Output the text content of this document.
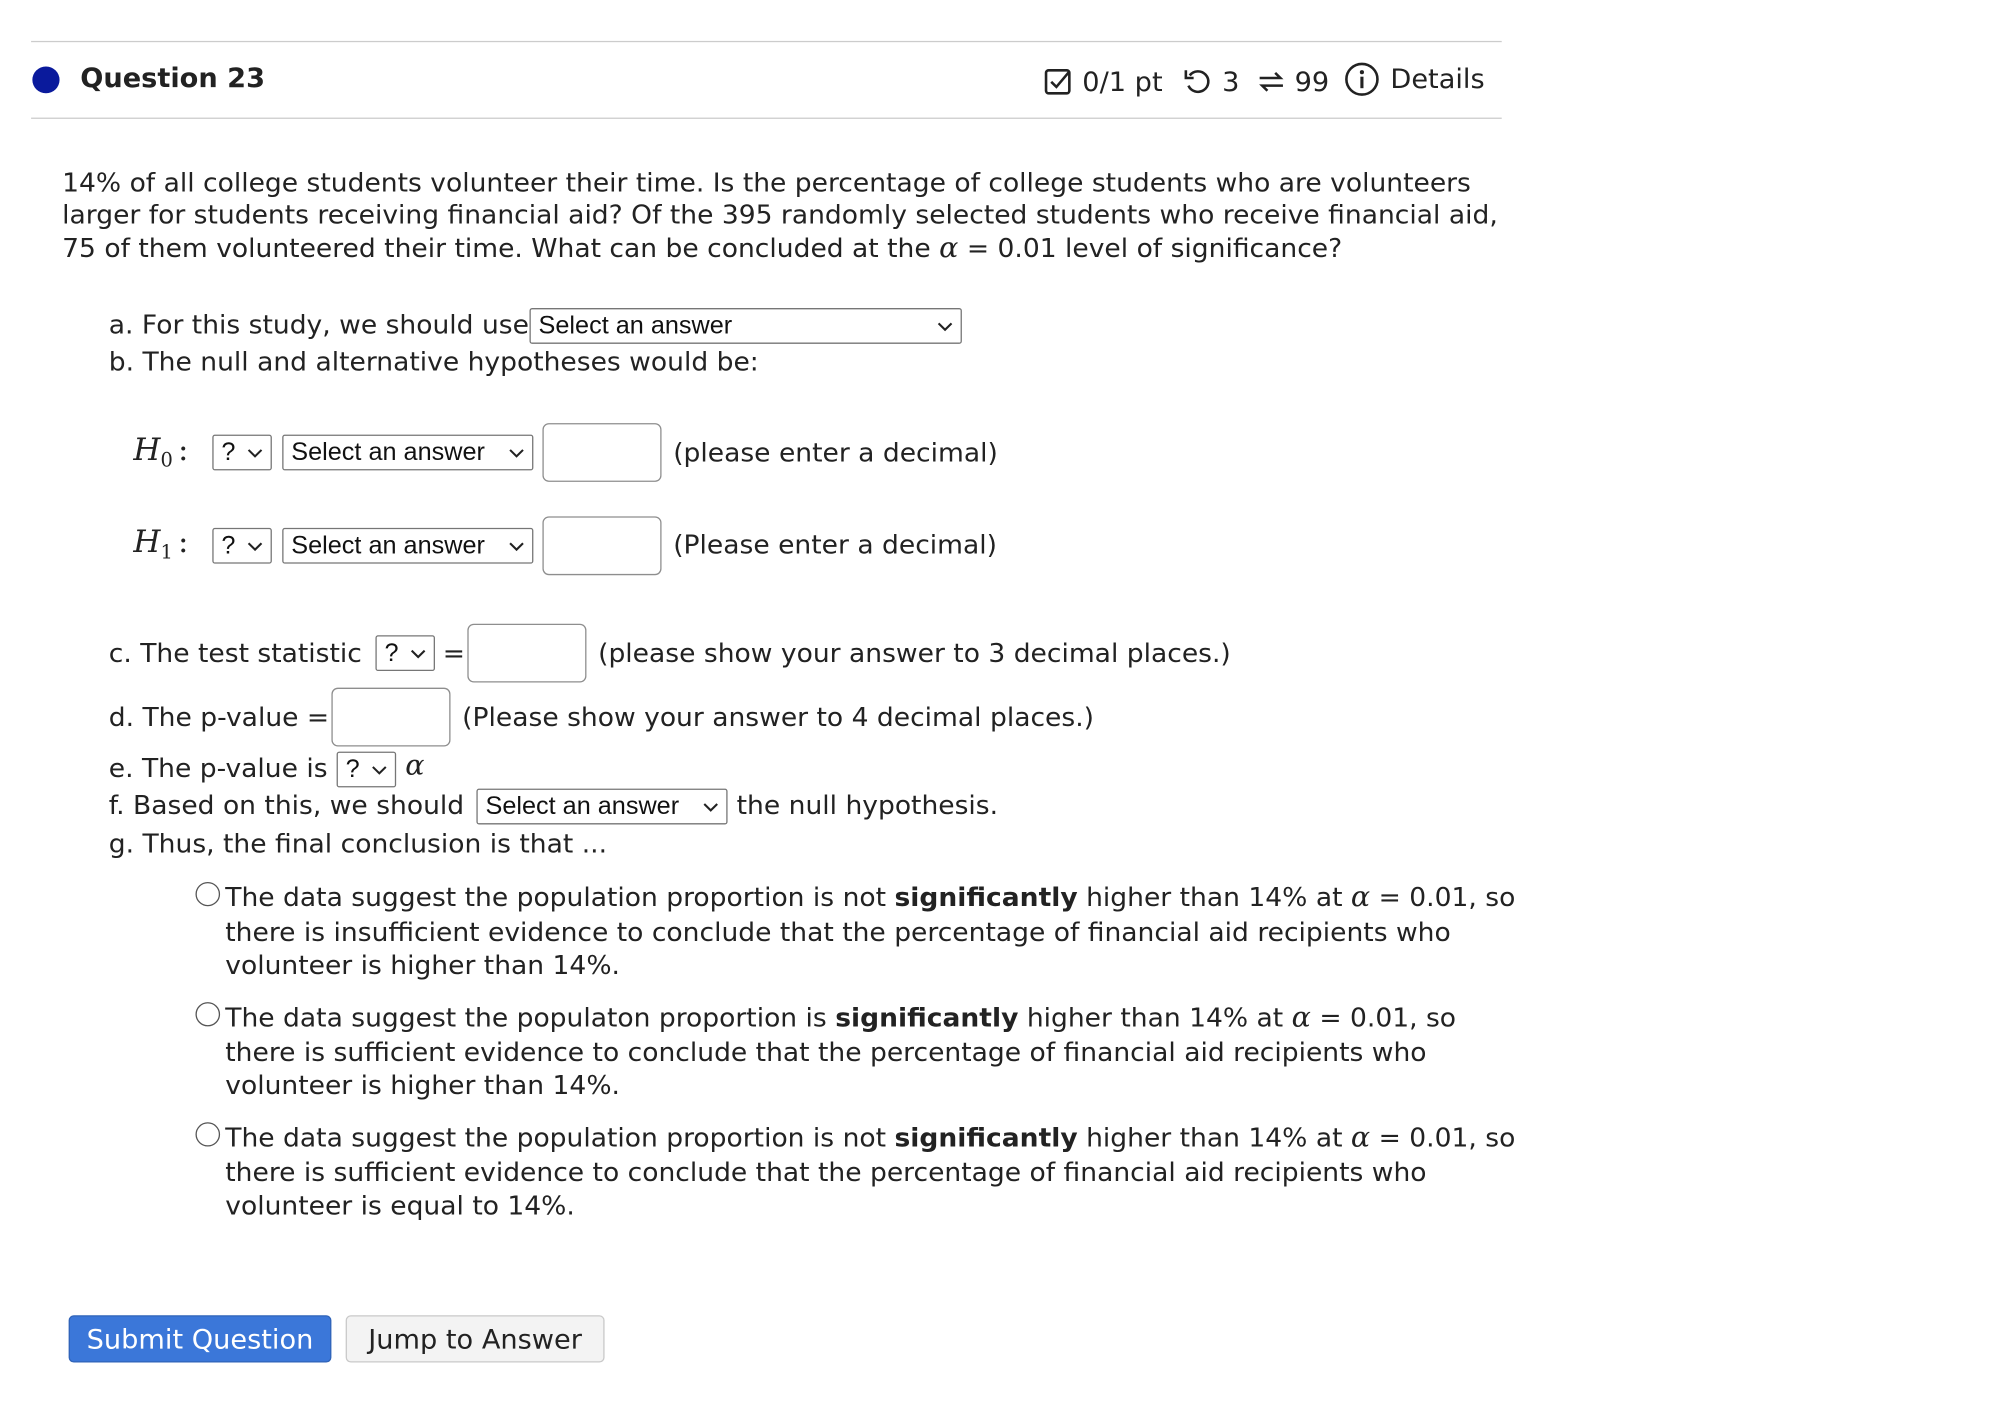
Question 23	0/1 pt	3	99	Details
14% of all college students volunteer their time. Is the percentage of college students who are volunteers
larger for students receiving financial aid? Of the 395 randomly selected students who receive financial aid,
75 of them volunteered their time. What can be concluded at the α = 0.01 level of significance?
a. For this study, we should use Select an answer
b. The null and alternative hypotheses would be:
$H_0$ :	?	Select an answer	(please enter a decimal)
$H_1$ :	?	Select an answer	(Please enter a decimal)
c. The test statistic	?	=	(please show your answer to 3 decimal places.)
d. The p-value =	(Please show your answer to 4 decimal places.)
e. The p-value is ?	α
f. Based on this, we should	Select an answer	the null hypothesis.
g. Thus, the final conclusion is that ...
The data suggest the population proportion is not significantly higher than 14% at α = 0.01, so
there is insufficient evidence to conclude that the percentage of financial aid recipients who
volunteer is higher than 14%.
The data suggest the populaton proportion is significantly higher than 14% at α = 0.01, so
there is sufficient evidence to conclude that the percentage of financial aid recipients who
volunteer is higher than 14%.
The data suggest the population proportion is not significantly higher than 14% at α = 0.01, so
there is sufficient evidence to conclude that the percentage of financial aid recipients who
volunteer is equal to 14%.
Submit Question	Jump to Answer
